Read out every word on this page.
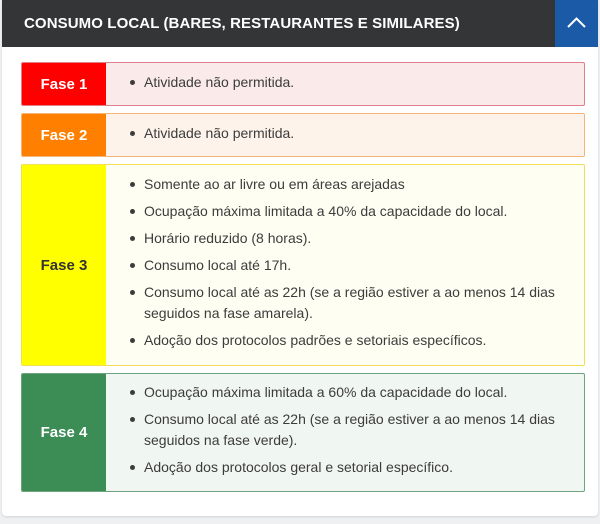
CONSUMO LOCAL (BARES, RESTAURANTES E SIMILARES)
Fase 1	Atividade não permitida.
Fase 2	Atividade não permitida.
Fase 3
Somente ao ar livre ou em áreas arejadas
Ocupação máxima limitada a 40% da capacidade do local.
Horário reduzido (8 horas).
Consumo local até 17h.
Consumo local até as 22h (se a região estiver a ao menos 14 dias seguidos na fase amarela).
Adoção dos protocolos padrões e setoriais específicos.
Fase 4
Ocupação máxima limitada a 60% da capacidade do local.
Consumo local até as 22h (se a região estiver a ao menos 14 dias seguidos na fase verde).
Adoção dos protocolos geral e setorial específico.
